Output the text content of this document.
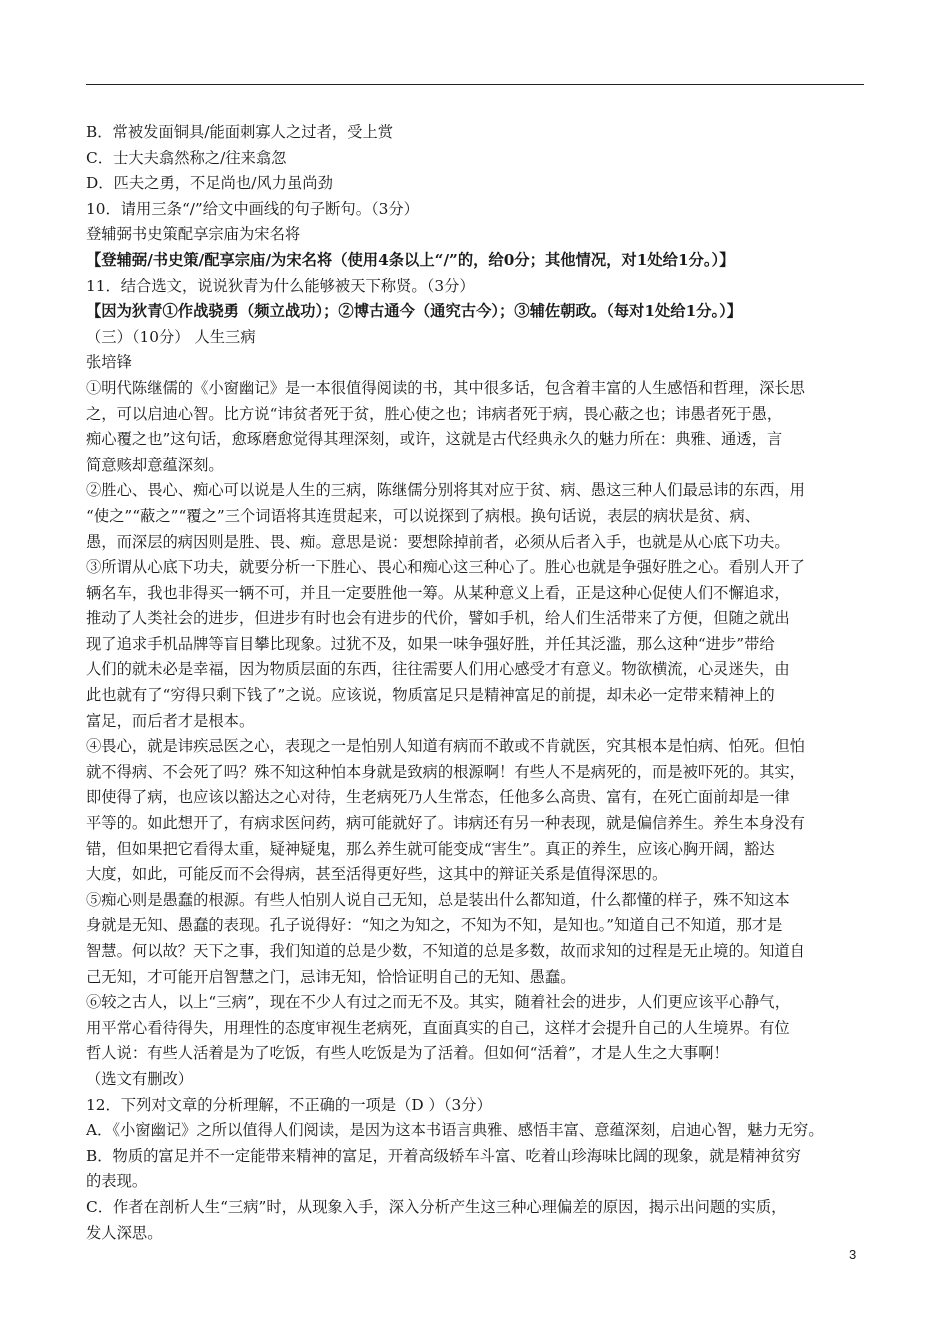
B．常被发面铜具/能面刺寡人之过者，受上赏
C．士大夫翕然称之/往来翕忽
D．匹夫之勇，不足尚也/风力虽尚劲
10．请用三条“/”给文中画线的句子断句。（3分）
登辅弼书史策配享宗庙为宋名将
【登辅弼/书史策/配享宗庙/为宋名将（使用4条以上“/”的，给0分；其他情况，对1处给1分。）】
11．结合选文，说说狄青为什么能够被天下称贤。（3分）
【因为狄青①作战骁勇（频立战功）；②博古通今（通究古今）；③辅佐朝政。（每对1处给1分。）】
（三）（10分） 人生三病
张培锋
①明代陈继儒的《小窗幽记》是一本很值得阅读的书，其中很多话，包含着丰富的人生感悟和哲理，深长思
之，可以启迪心智。比方说“讳贫者死于贫，胜心使之也；讳病者死于病，畏心蔽之也；讳愚者死于愚，
痴心覆之也”这句话，愈琢磨愈觉得其理深刻，或许，这就是古代经典永久的魅力所在：典雅、通透，言
简意赅却意蕴深刻。
②胜心、畏心、痴心可以说是人生的三病，陈继儒分别将其对应于贫、病、愚这三种人们最忌讳的东西，用
“使之”“蔽之”“覆之”三个词语将其连贯起来，可以说探到了病根。换句话说，表层的病状是贫、病、
愚，而深层的病因则是胜、畏、痴。意思是说：要想除掉前者，必须从后者入手，也就是从心底下功夫。
③所谓从心底下功夫，就要分析一下胜心、畏心和痴心这三种心了。胜心也就是争强好胜之心。看别人开了
辆名车，我也非得买一辆不可，并且一定要胜他一筹。从某种意义上看，正是这种心促使人们不懈追求，
推动了人类社会的进步，但进步有时也会有进步的代价，譬如手机，给人们生活带来了方便，但随之就出
现了追求手机品牌等盲目攀比现象。过犹不及，如果一味争强好胜，并任其泛滥，那么这种“进步”带给
人们的就未必是幸福，因为物质层面的东西，往往需要人们用心感受才有意义。物欲横流，心灵迷失，由
此也就有了“穷得只剩下钱了”之说。应该说，物质富足只是精神富足的前提，却未必一定带来精神上的
富足，而后者才是根本。
④畏心，就是讳疾忌医之心，表现之一是怕别人知道有病而不敢或不肯就医，究其根本是怕病、怕死。但怕
就不得病、不会死了吗？殊不知这种怕本身就是致病的根源啊！有些人不是病死的，而是被吓死的。其实，
即使得了病，也应该以豁达之心对待，生老病死乃人生常态，任他多么高贵、富有，在死亡面前却是一律
平等的。如此想开了，有病求医问药，病可能就好了。讳病还有另一种表现，就是偏信养生。养生本身没有
错，但如果把它看得太重，疑神疑鬼，那么养生就可能变成“害生”。真正的养生，应该心胸开阔，豁达
大度，如此，可能反而不会得病，甚至活得更好些，这其中的辩证关系是值得深思的。
⑤痴心则是愚蠢的根源。有些人怕别人说自己无知，总是装出什么都知道，什么都懂的样子，殊不知这本
身就是无知、愚蠢的表现。孔子说得好：“知之为知之，不知为不知，是知也。”知道自己不知道，那才是
智慧。何以故？天下之事，我们知道的总是少数，不知道的总是多数，故而求知的过程是无止境的。知道自
己无知，才可能开启智慧之门，忌讳无知，恰恰证明自己的无知、愚蠢。
⑥较之古人，以上“三病”，现在不少人有过之而无不及。其实，随着社会的进步，人们更应该平心静气，
用平常心看待得失，用理性的态度审视生老病死，直面真实的自己，这样才会提升自己的人生境界。有位
哲人说：有些人活着是为了吃饭，有些人吃饭是为了活着。但如何“活着”，才是人生之大事啊！
（选文有删改）
12．下列对文章的分析理解，不正确的一项是（D ）（3分）
A．《小窗幽记》之所以值得人们阅读，是因为这本书语言典雅、感悟丰富、意蕴深刻，启迪心智，魅力无穷。
B．物质的富足并不一定能带来精神的富足，开着高级轿车斗富、吃着山珍海味比阔的现象，就是精神贫穷
的表现。
C．作者在剖析人生“三病”时，从现象入手，深入分析产生这三种心理偏差的原因，揭示出问题的实质，
发人深思。
3
